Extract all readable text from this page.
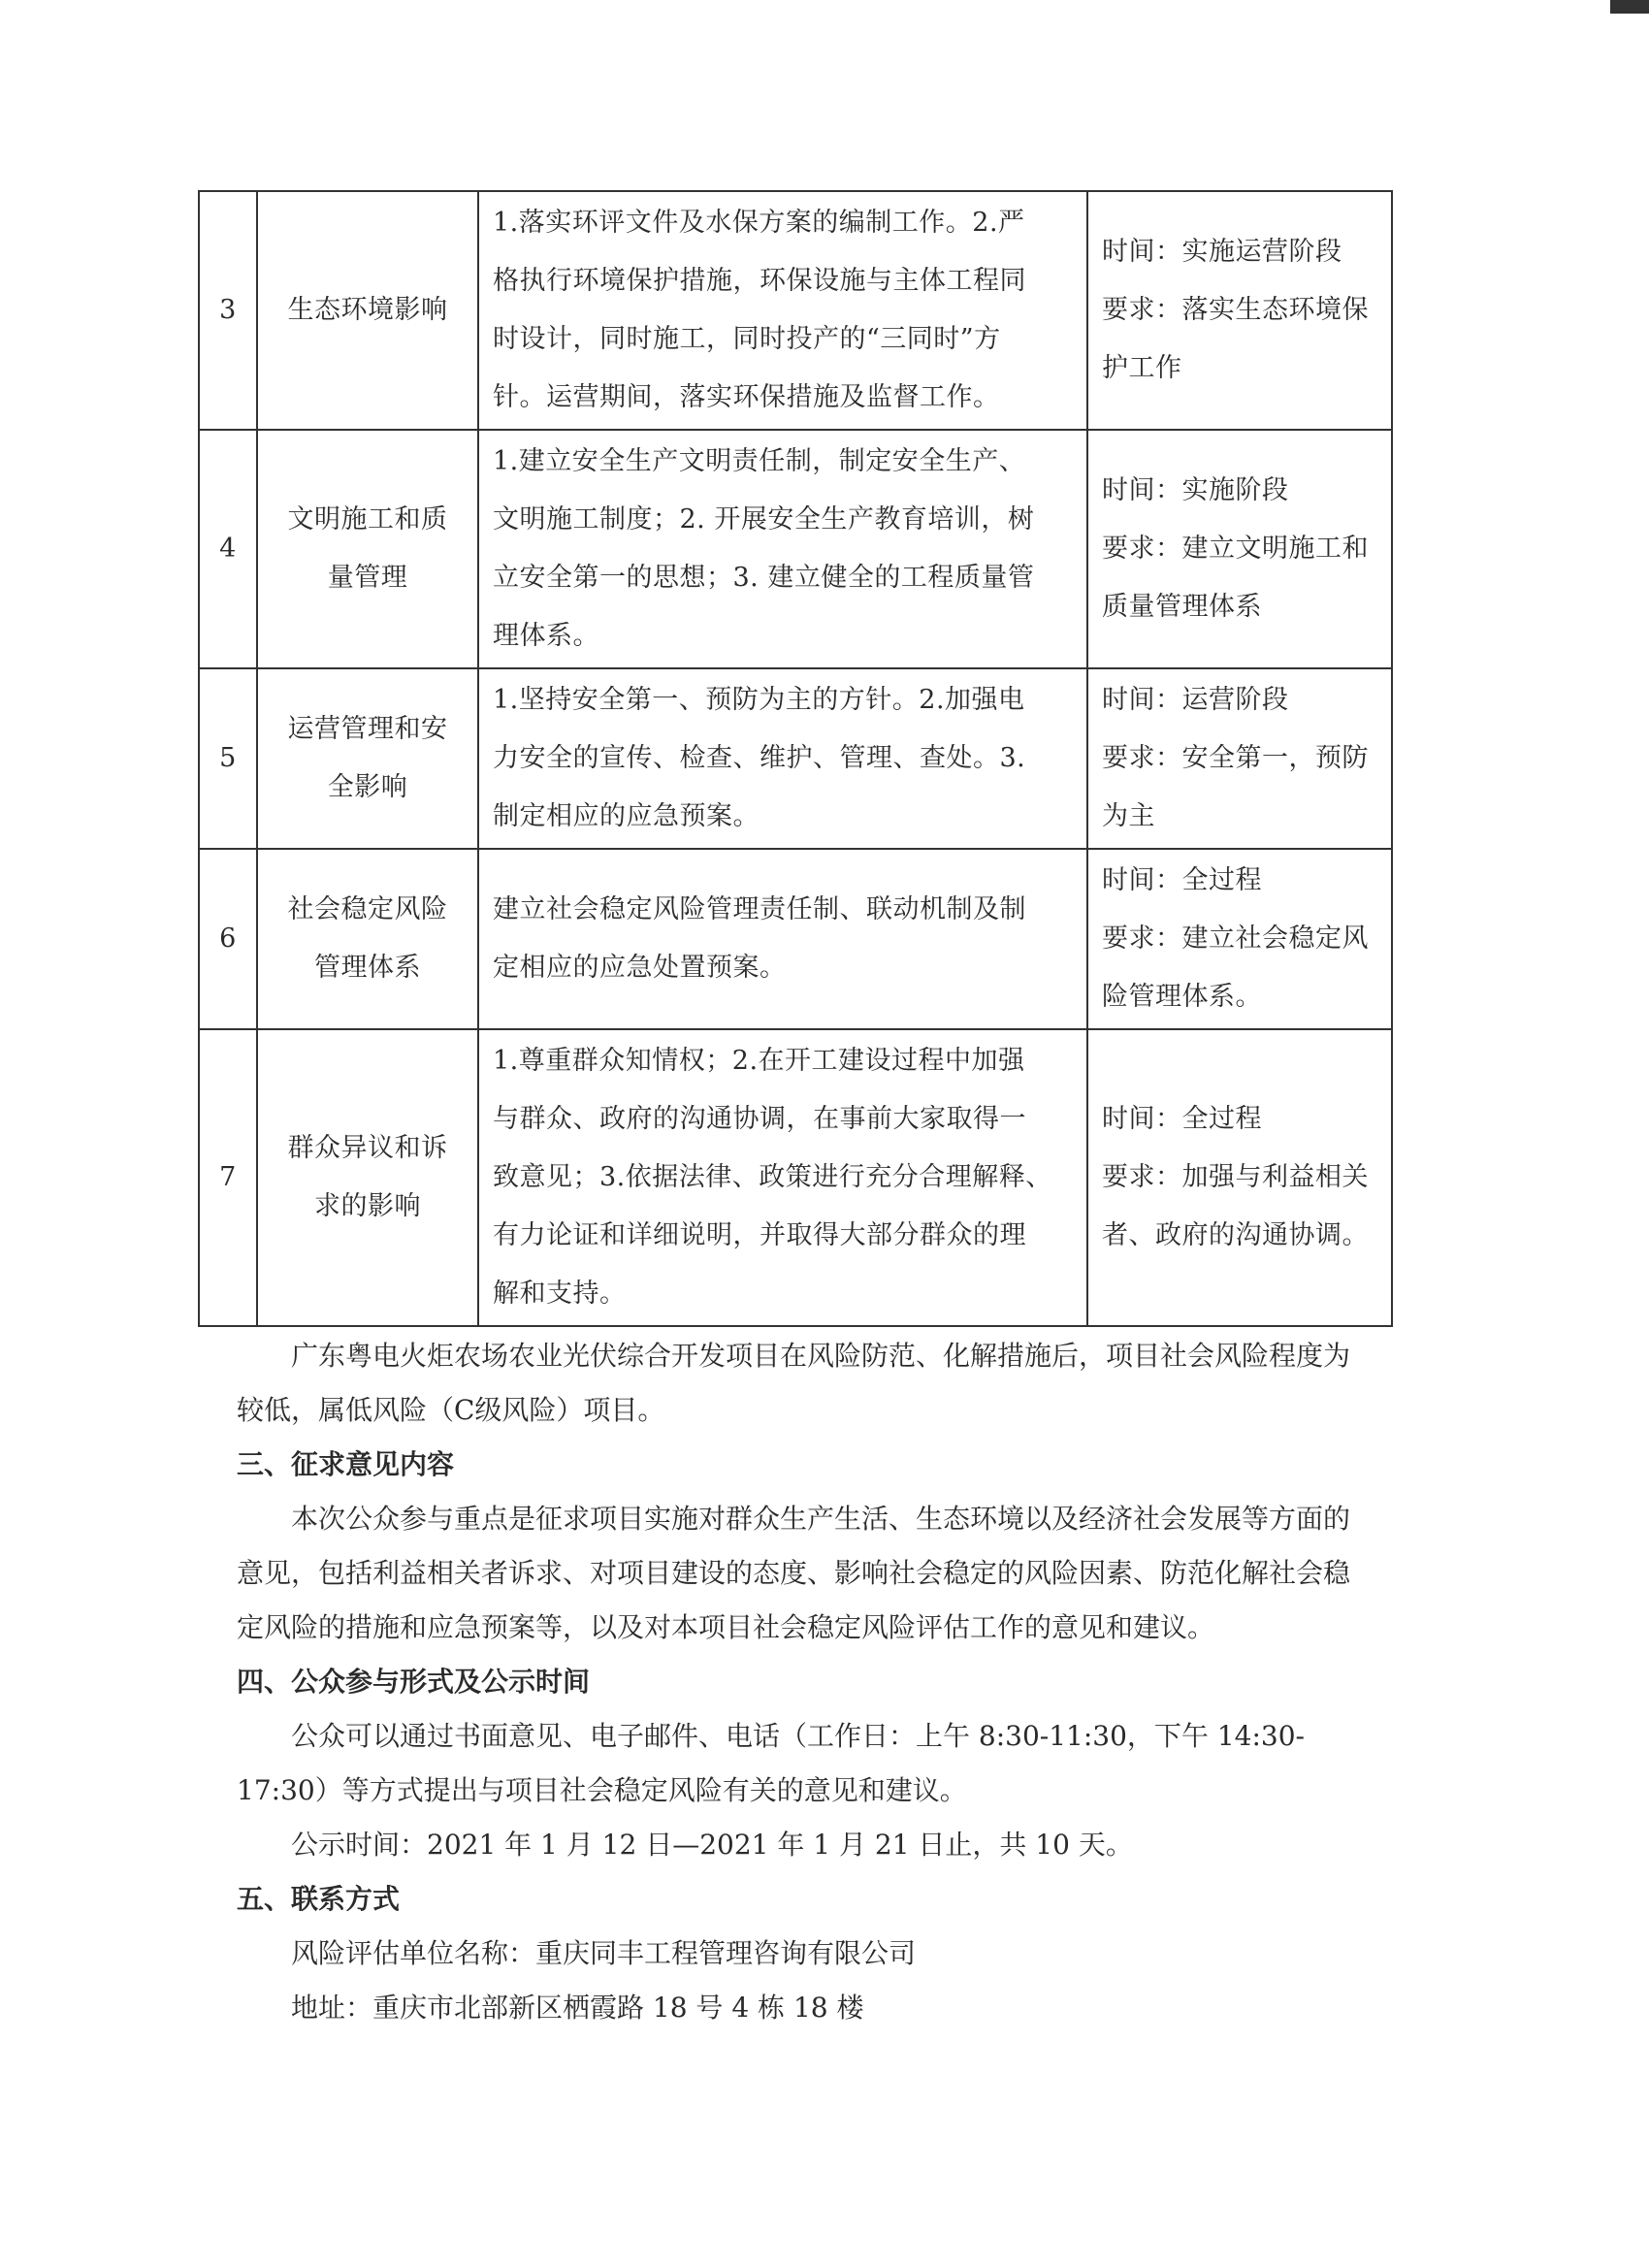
3	生态环境影响	1.落实环评文件及水保方案的编制工作。2.严
格执行环境保护措施，环保设施与主体工程同
时设计，同时施工，同时投产的“三同时”方
针。运营期间，落实环保措施及监督工作。	时间：实施运营阶段
要求：落实生态环境保
护工作

4	文明施工和质
量管理	1.建立安全生产文明责任制，制定安全生产、
文明施工制度；2. 开展安全生产教育培训，树
立安全第一的思想；3. 建立健全的工程质量管
理体系。	时间：实施阶段
要求：建立文明施工和
质量管理体系

5	运营管理和安
全影响	1.坚持安全第一、预防为主的方针。2.加强电
力安全的宣传、检查、维护、管理、查处。3.
制定相应的应急预案。	时间：运营阶段
要求：安全第一，预防
为主

6	社会稳定风险
管理体系	建立社会稳定风险管理责任制、联动机制及制
定相应的应急处置预案。	时间：全过程
要求：建立社会稳定风
险管理体系。

7	群众异议和诉
求的影响	1.尊重群众知情权；2.在开工建设过程中加强
与群众、政府的沟通协调，在事前大家取得一
致意见；3.依据法律、政策进行充分合理解释、
有力论证和详细说明，并取得大部分群众的理
解和支持。	时间：全过程
要求：加强与利益相关
者、政府的沟通协调。

广东粤电火炬农场农业光伏综合开发项目在风险防范、化解措施后，项目社会风险程度为较低，属低风险（C级风险）项目。

三、征求意见内容

本次公众参与重点是征求项目实施对群众生产生活、生态环境以及经济社会发展等方面的意见，包括利益相关者诉求、对项目建设的态度、影响社会稳定的风险因素、防范化解社会稳定风险的措施和应急预案等，以及对本项目社会稳定风险评估工作的意见和建议。

四、公众参与形式及公示时间

公众可以通过书面意见、电子邮件、电话（工作日：上午 8:30-11:30，下午 14:30-17:30）等方式提出与项目社会稳定风险有关的意见和建议。

公示时间：2021 年 1 月 12 日—2021 年 1 月 21 日止，共 10 天。

五、联系方式

风险评估单位名称：重庆同丰工程管理咨询有限公司

地址：重庆市北部新区栖霞路 18 号 4 栋 18 楼
